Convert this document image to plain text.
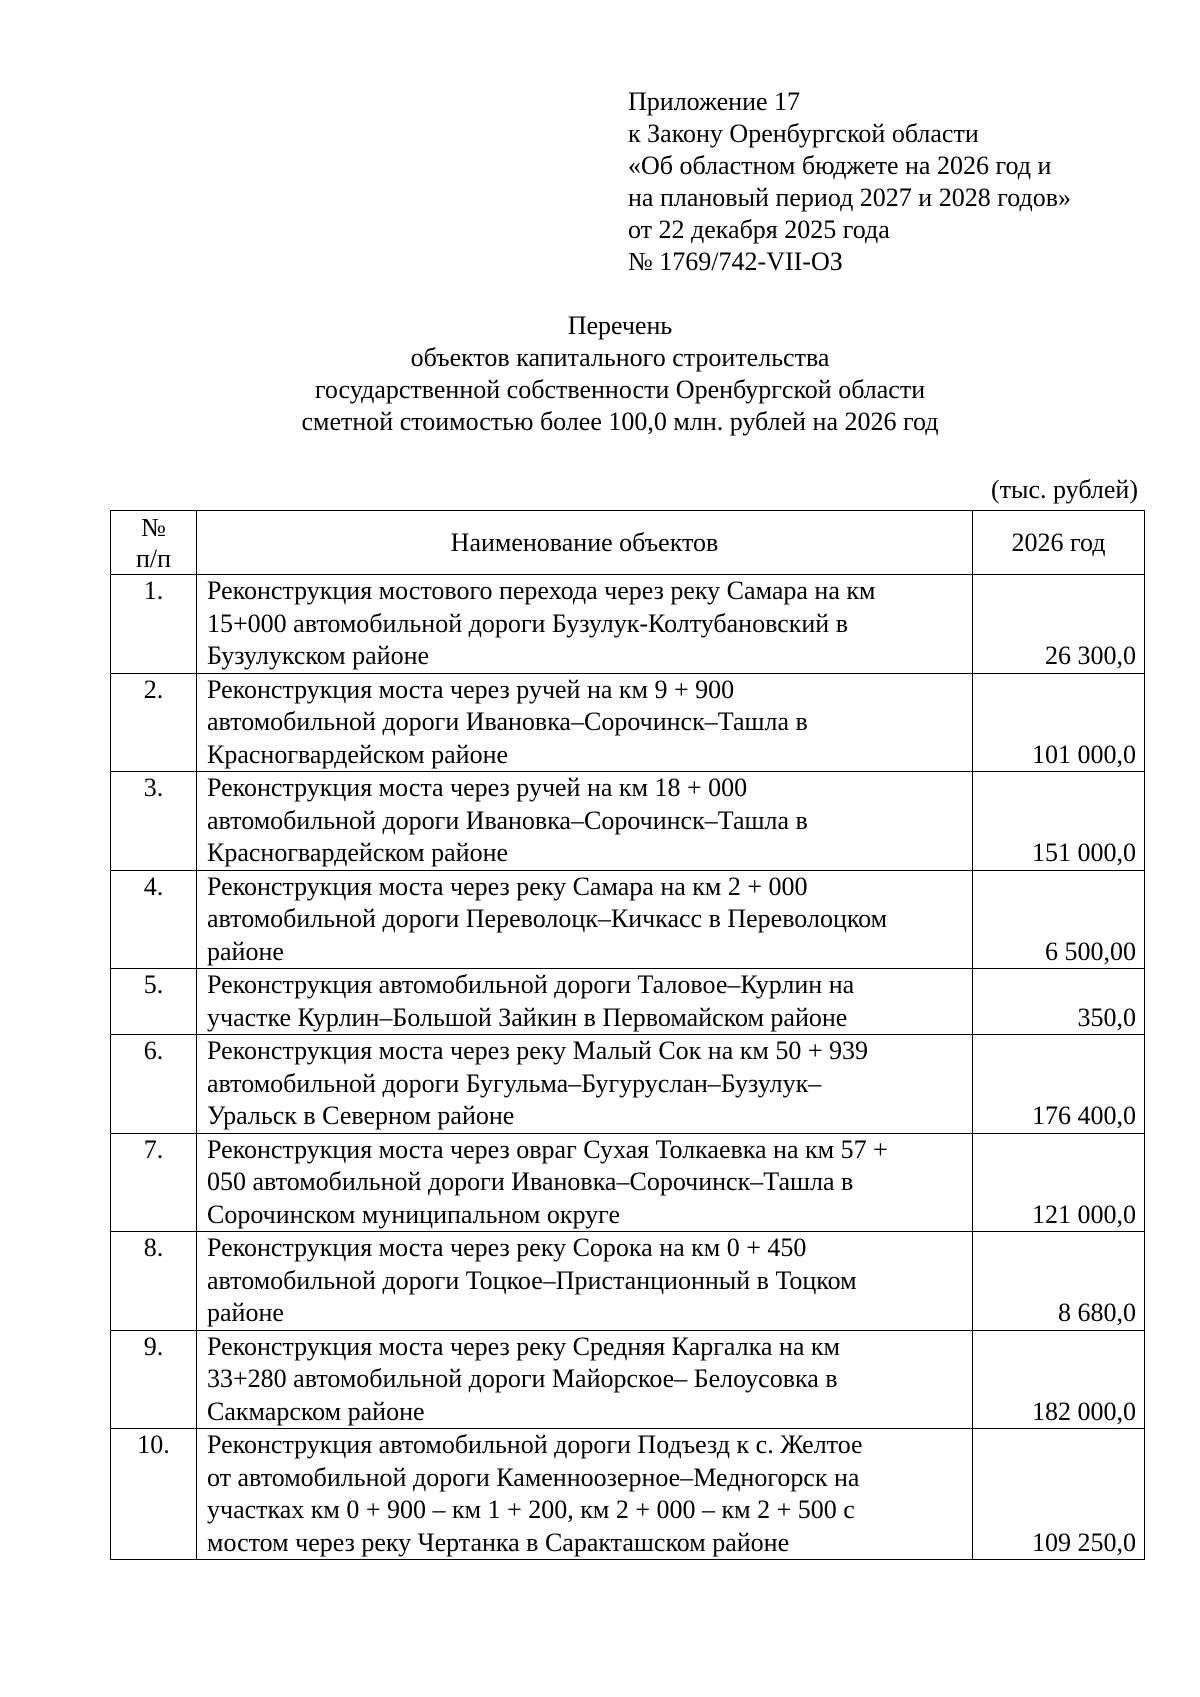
Приложение 17
к Закону Оренбургской области
«Об областном бюджете на 2026 год и
на плановый период 2027 и 2028 годов»
от 22 декабря 2025 года
№ 1769/742-VII-ОЗ
Перечень
объектов капитального строительства
государственной собственности Оренбургской области
сметной стоимостью более 100,0 млн. рублей на 2026 год
(тыс. рублей)
№
п/п	Наименование объектов	2026 год
1.	Реконструкция мостового перехода через реку Самара на км
15+000 автомобильной дороги Бузулук-Колтубановский в
Бузулукском районе	26 300,0
2.	Реконструкция моста через ручей на км 9 + 900
автомобильной дороги Ивановка–Сорочинск–Ташла в
Красногвардейском районе	101 000,0
3.	Реконструкция моста через ручей на км 18 + 000
автомобильной дороги Ивановка–Сорочинск–Ташла в
Красногвардейском районе	151 000,0
4.	Реконструкция моста через реку Самара на км 2 + 000
автомобильной дороги Переволоцк–Кичкасс в Переволоцком
районе	6 500,00
5.	Реконструкция автомобильной дороги Таловое–Курлин на
участке Курлин–Большой Зайкин в Первомайском районе	350,0
6.	Реконструкция моста через реку Малый Сок на км 50 + 939
автомобильной дороги Бугульма–Бугуруслан–Бузулук–
Уральск в Северном районе	176 400,0
7.	Реконструкция моста через овраг Сухая Толкаевка на км 57 +
050 автомобильной дороги Ивановка–Сорочинск–Ташла в
Сорочинском муниципальном округе	121 000,0
8.	Реконструкция моста через реку Сорока на км 0 + 450
автомобильной дороги Тоцкое–Пристанционный в Тоцком
районе	8 680,0
9.	Реконструкция моста через реку Средняя Каргалка на км
33+280 автомобильной дороги Майорское– Белоусовка в
Сакмарском районе	182 000,0
10.	Реконструкция автомобильной дороги Подъезд к с. Желтое
от автомобильной дороги Каменноозерное–Медногорск на
участках км 0 + 900 – км 1 + 200, км 2 + 000 – км 2 + 500 с
мостом через реку Чертанка в Саракташском районе	109 250,0
